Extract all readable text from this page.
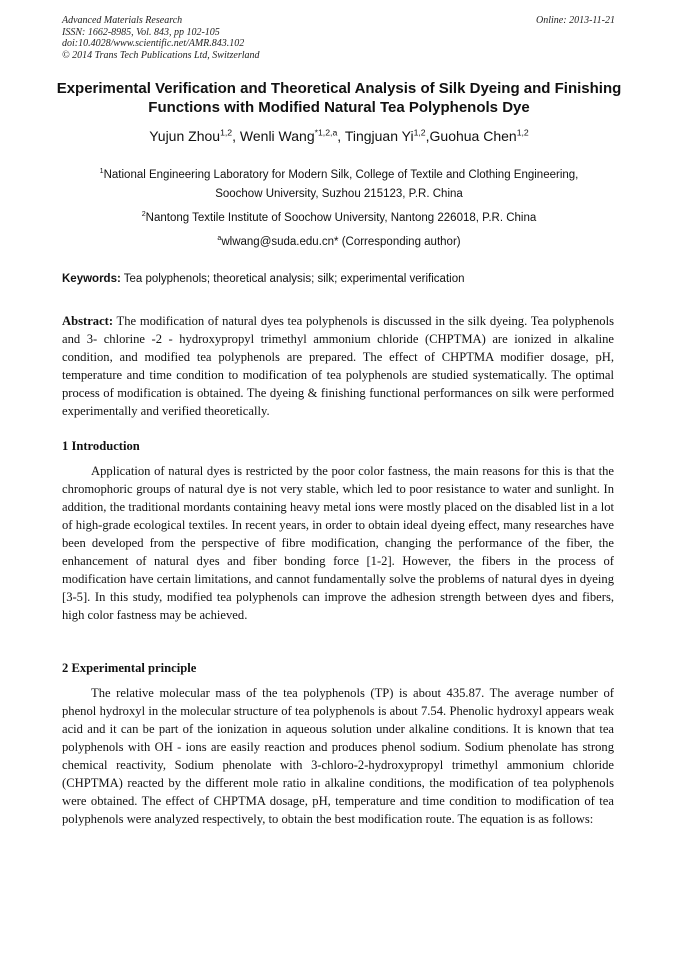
Advanced Materials Research
ISSN: 1662-8985, Vol. 843, pp 102-105
doi:10.4028/www.scientific.net/AMR.843.102
© 2014 Trans Tech Publications Ltd, Switzerland
Online: 2013-11-21
Experimental Verification and Theoretical Analysis of Silk Dyeing and Finishing Functions with Modified Natural Tea Polyphenols Dye
Yujun Zhou$^{1,2}$, Wenli Wang$^{*1,2,a}$, Tingjuan Yi$^{1,2}$,Guohua Chen$^{1,2}$
$^1$National Engineering Laboratory for Modern Silk, College of Textile and Clothing Engineering,
Soochow University, Suzhou 215123, P.R. China
$^2$Nantong Textile Institute of Soochow University, Nantong 226018, P.R. China
$^a$wlwang@suda.edu.cn* (Corresponding author)
Keywords: Tea polyphenols; theoretical analysis; silk; experimental verification
Abstract: The modification of natural dyes tea polyphenols is discussed in the silk dyeing. Tea polyphenols and 3- chlorine -2 - hydroxypropyl trimethyl ammonium chloride (CHPTMA) are ionized in alkaline condition, and modified tea polyphenols are prepared. The effect of CHPTMA modifier dosage, pH, temperature and time condition to modification of tea polyphenols are studied systematically. The optimal process of modification is obtained. The dyeing & finishing functional performances on silk were performed experimentally and verified theoretically.
1 Introduction
Application of natural dyes is restricted by the poor color fastness, the main reasons for this is that the chromophoric groups of natural dye is not very stable, which led to poor resistance to water and sunlight. In addition, the traditional mordants containing heavy metal ions were mostly placed on the disabled list in a lot of high-grade ecological textiles. In recent years, in order to obtain ideal dyeing effect, many researches have been developed from the perspective of fibre modification, changing the performance of the fiber, the enhancement of natural dyes and fiber bonding force [1-2]. However, the fibers in the process of modification have certain limitations, and cannot fundamentally solve the problems of natural dyes in dyeing [3-5]. In this study, modified tea polyphenols can improve the adhesion strength between dyes and fibers, high color fastness may be achieved.
2 Experimental principle
The relative molecular mass of the tea polyphenols (TP) is about 435.87. The average number of phenol hydroxyl in the molecular structure of tea polyphenols is about 7.54. Phenolic hydroxyl appears weak acid and it can be part of the ionization in aqueous solution under alkaline conditions. It is known that tea polyphenols with OH - ions are easily reaction and produces phenol sodium. Sodium phenolate has strong chemical reactivity, Sodium phenolate with 3-chloro-2-hydroxypropyl trimethyl ammonium chloride (CHPTMA) reacted by the different mole ratio in alkaline conditions, the modification of tea polyphenols were obtained. The effect of CHPTMA dosage, pH, temperature and time condition to modification of tea polyphenols were analyzed respectively, to obtain the best modification route. The equation is as follows:
